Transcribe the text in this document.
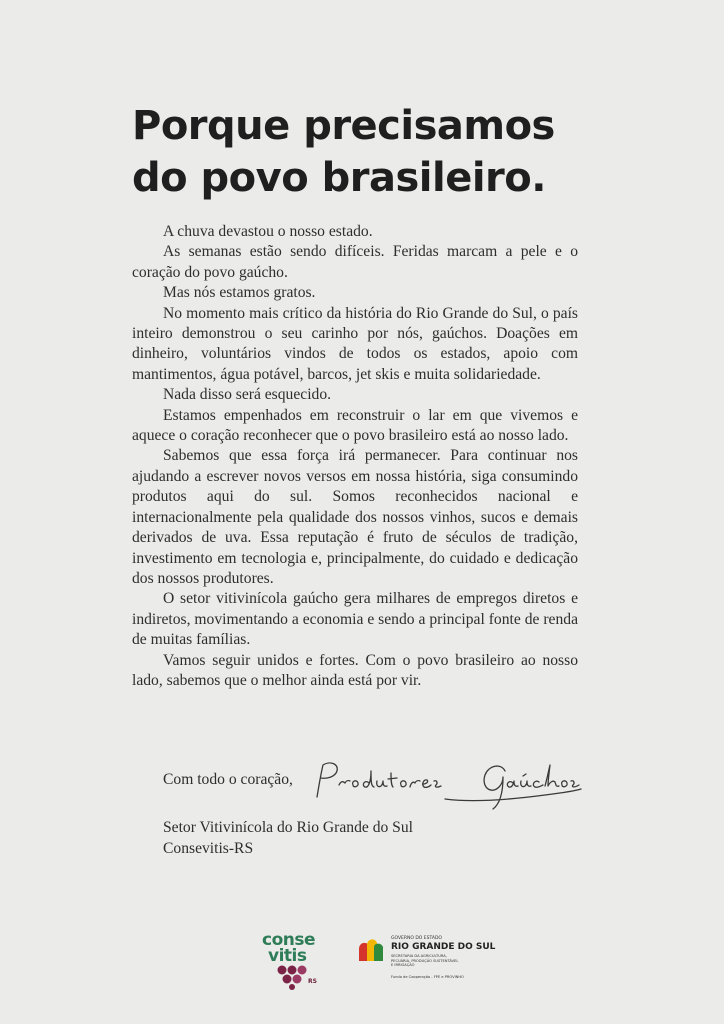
Porque precisamos
do povo brasileiro.

A chuva devastou o nosso estado.

As semanas estão sendo difíceis. Feridas marcam a pele e o coração do povo gaúcho.

Mas nós estamos gratos.

No momento mais crítico da história do Rio Grande do Sul, o país inteiro demonstrou o seu carinho por nós, gaúchos. Doações em dinheiro, voluntários vindos de todos os estados, apoio com mantimentos, água potável, barcos, jet skis e muita solidariedade.

Nada disso será esquecido.

Estamos empenhados em reconstruir o lar em que vivemos e aquece o coração reconhecer que o povo brasileiro está ao nosso lado.

Sabemos que essa força irá permanecer. Para continuar nos ajudando a escrever novos versos em nossa história, siga consumindo produtos aqui do sul. Somos reconhecidos nacional e internacionalmente pela qualidade dos nossos vinhos, sucos e demais derivados de uva. Essa reputação é fruto de séculos de tradição, investimento em tecnologia e, principalmente, do cuidado e dedicação dos nossos produtores.

O setor vitivinícola gaúcho gera milhares de empregos diretos e indiretos, movimentando a economia e sendo a principal fonte de renda de muitas famílias.

Vamos seguir unidos e fortes. Com o povo brasileiro ao nosso lado, sabemos que o melhor ainda está por vir.

Com todo o coração,
Setor Vitivinícola do Rio Grande do Sul
Consevitis-RS
conse
vitis
RS
GOVERNO DO ESTADO
RIO GRANDE DO SUL
SECRETARIA DA AGRICULTURA, PECUÁRIA, PRODUÇÃO SUSTENTÁVEL E IRRIGAÇÃO
Fundo de Cooperação - FPE e PROVINHO
